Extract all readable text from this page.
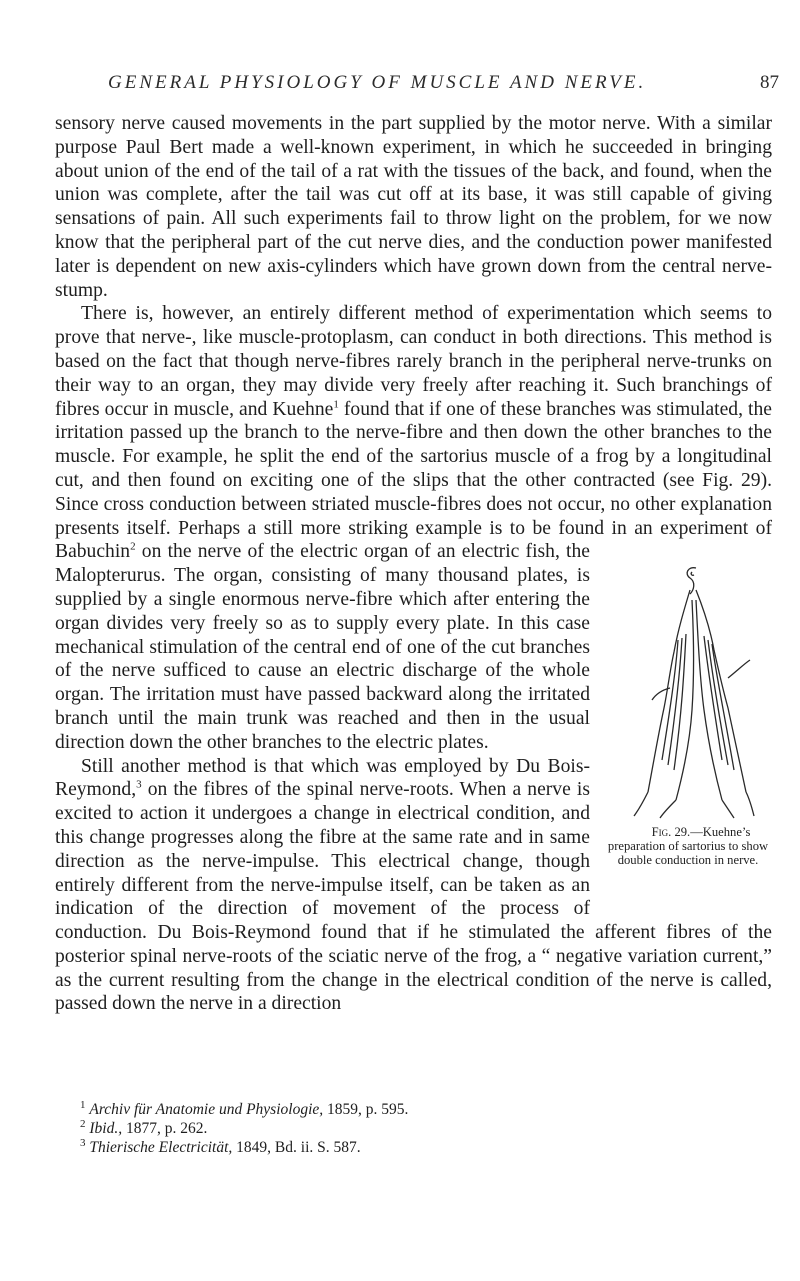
GENERAL PHYSIOLOGY OF MUSCLE AND NERVE.	87

sensory nerve caused movements in the part supplied by the motor nerve. With a similar purpose Paul Bert made a well-known experiment, in which he succeeded in bringing about union of the end of the tail of a rat with the tissues of the back, and found, when the union was complete, after the tail was cut off at its base, it was still capable of giving sensations of pain. All such experiments fail to throw light on the problem, for we now know that the peripheral part of the cut nerve dies, and the conduction power manifested later is dependent on new axis-cylinders which have grown down from the central nerve-stump.

There is, however, an entirely different method of experimentation which seems to prove that nerve-, like muscle-protoplasm, can conduct in both directions. This method is based on the fact that though nerve-fibres rarely branch in the peripheral nerve-trunks on their way to an organ, they may divide very freely after reaching it. Such branchings of fibres occur in muscle, and Kuehne$^1$ found that if one of these branches was stimulated, the irritation passed up the branch to the nerve-fibre and then down the other branches to the muscle. For example, he split the end of the sartorius muscle of a frog by a longitudinal cut, and then found on exciting one of the slips that the other contracted (see Fig. 29). Since cross conduction between striated muscle-fibres does not occur, no other explanation presents itself. Perhaps a still more striking example is to be found in an experiment of Babuchin
Fig. 29.—Kuehne’s preparation of sartorius to show double conduction in nerve.
$^2$ on the nerve of the electric organ of an electric fish, the Malopterurus. The organ, consisting of many thousand plates, is supplied by a single enormous nerve-fibre which after entering the organ divides very freely so as to supply every plate. In this case mechanical stimulation of the central end of one of the cut branches of the nerve sufficed to cause an electric discharge of the whole organ. The irritation must have passed backward along the irritated branch until the main trunk was reached and then in the usual direction down the other branches to the electric plates.

Still another method is that which was employed by Du Bois-Reymond,$^3$ on the fibres of the spinal nerve-roots. When a nerve is excited to action it undergoes a change in electrical condition, and this change progresses along the fibre at the same rate and in same direction as the nerve-impulse. This electrical change, though entirely different from the nerve-impulse itself, can be taken as an indication of the direction of movement of the process of conduction. Du Bois-Reymond found that if he stimulated the afferent fibres of the posterior spinal nerve-roots of the sciatic nerve of the frog, a “ negative variation current,” as the current resulting from the change in the electrical condition of the nerve is called, passed down the nerve in a direction

$^1$ Archiv für Anatomie und Physiologie, 1859, p. 595.
$^2$ Ibid., 1877, p. 262.
$^3$ Thierische Electricität, 1849, Bd. ii. S. 587.
